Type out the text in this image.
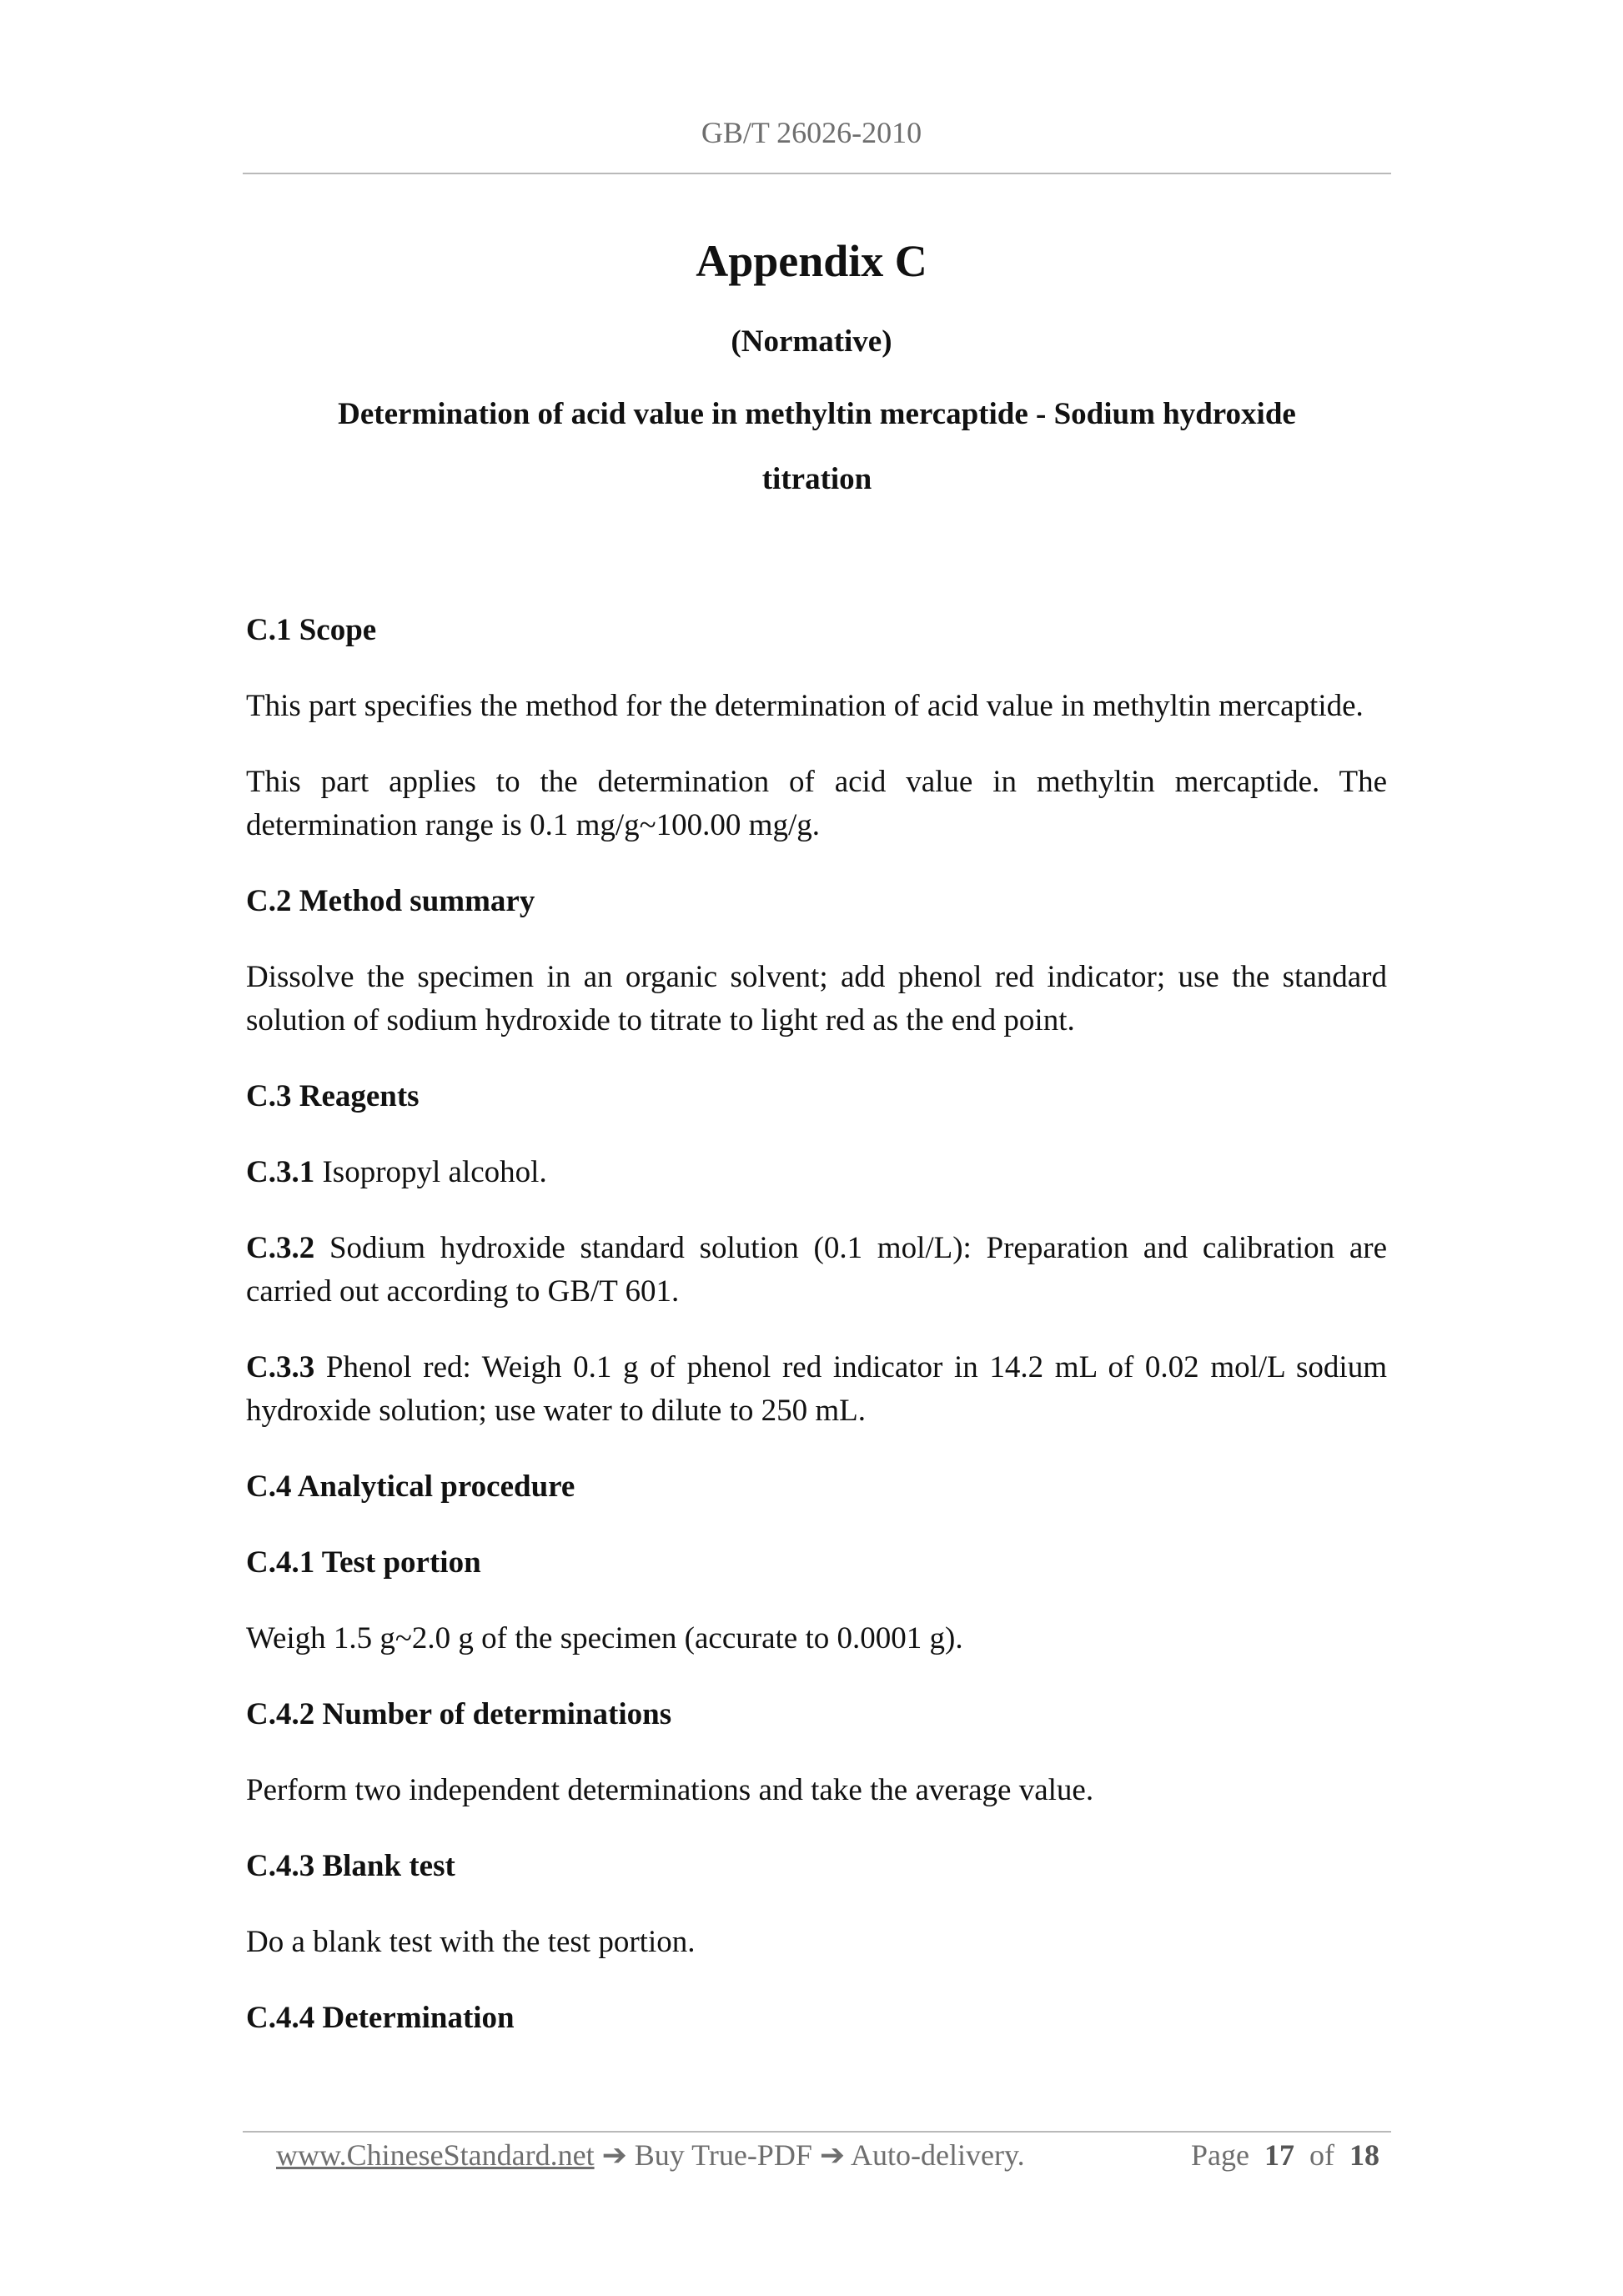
GB/T 26026-2010
Appendix C
(Normative)
Determination of acid value in methyltin mercaptide - Sodium hydroxide
titration
C.1 Scope
This part specifies the method for the determination of acid value in methyltin mercaptide.
This part applies to the determination of acid value in methyltin mercaptide. The determination range is 0.1 mg/g~100.00 mg/g.
C.2 Method summary
Dissolve the specimen in an organic solvent; add phenol red indicator; use the standard solution of sodium hydroxide to titrate to light red as the end point.
C.3 Reagents
C.3.1 Isopropyl alcohol.
C.3.2 Sodium hydroxide standard solution (0.1 mol/L): Preparation and calibration are carried out according to GB/T 601.
C.3.3 Phenol red: Weigh 0.1 g of phenol red indicator in 14.2 mL of 0.02 mol/L sodium hydroxide solution; use water to dilute to 250 mL.
C.4 Analytical procedure
C.4.1 Test portion
Weigh 1.5 g~2.0 g of the specimen (accurate to 0.0001 g).
C.4.2 Number of determinations
Perform two independent determinations and take the average value.
C.4.3 Blank test
Do a blank test with the test portion.
C.4.4 Determination
www.ChineseStandard.net ➔ Buy True-PDF ➔ Auto-delivery.	Page 17 of 18
